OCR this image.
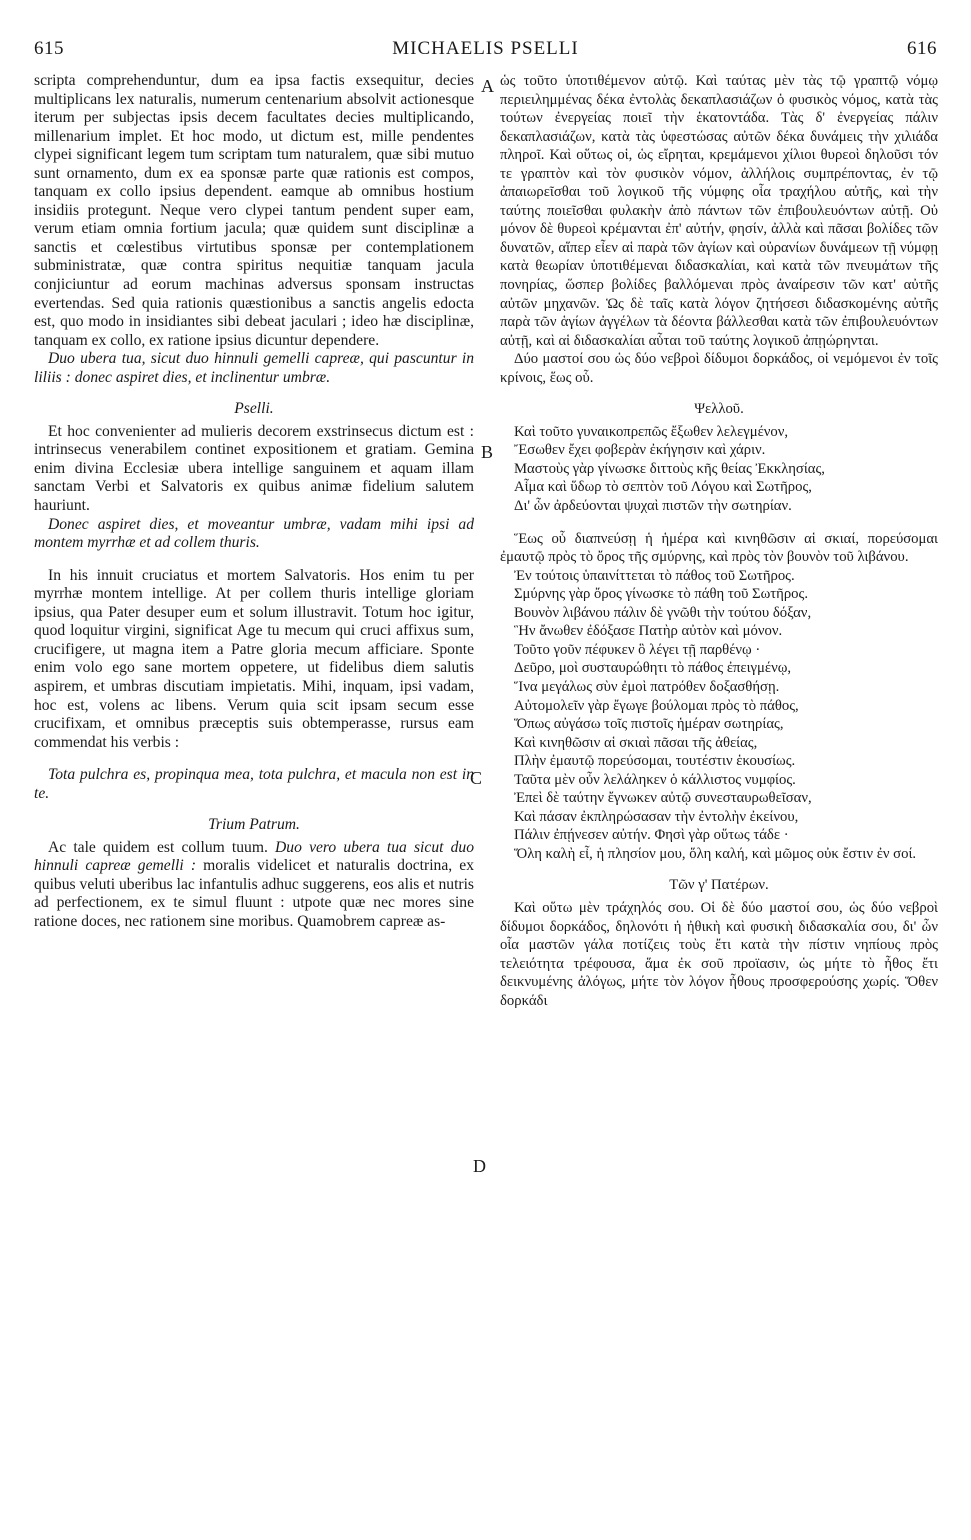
615	MICHAELIS PSELLI	616
A
B
C
D

scripta comprehenduntur, dum ea ipsa factis exsequitur, decies multiplicans lex naturalis, numerum centenarium absolvit actionesque iterum per subjectas ipsis decem facultates decies multiplicando, millenarium implet. Et hoc modo, ut dictum est, mille pendentes clypei significant legem tum scriptam tum naturalem, quæ sibi mutuo sunt ornamento, dum ex ea sponsæ parte quæ rationis est compos, tanquam ex collo ipsius dependent. eamque ab omnibus hostium insidiis protegunt. Neque vero clypei tantum pendent super eam, verum etiam omnia fortium jacula; quæ quidem sunt disciplinæ a sanctis et cœlestibus virtutibus sponsæ per contemplationem subministratæ, quæ contra spiritus nequitiæ tanquam jacula conjiciuntur ad eorum machinas adversus sponsam instructas evertendas. Sed quia rationis quæstionibus a sanctis angelis edocta est, quo modo in insidiantes sibi debeat jaculari ; ideo hæ disciplinæ, tanquam ex collo, ex ratione ipsius dicuntur dependere.

Duo ubera tua, sicut duo hinnuli gemelli capreæ, qui pascuntur in liliis : donec aspiret dies, et inclinentur umbræ.

Pselli.

Et hoc convenienter ad mulieris decorem exstrinsecus dictum est : intrinsecus venerabilem continet expositionem et gratiam. Gemina enim divina Ecclesiæ ubera intellige sanguinem et aquam illam sanctam Verbi et Salvatoris ex quibus animæ fidelium salutem hauriunt.

Donec aspiret dies, et moveantur umbræ, vadam mihi ipsi ad montem myrrhæ et ad collem thuris.

In his innuit cruciatus et mortem Salvatoris. Hos enim tu per myrrhæ montem intellige. At per collem thuris intellige gloriam ipsius, qua Pater desuper eum et solum illustravit. Totum hoc igitur, quod loquitur virgini, significat Age tu mecum qui cruci affixus sum, crucifigere, ut magna item a Patre gloria mecum afficiare. Sponte enim volo ego sane mortem oppetere, ut fidelibus diem salutis aspirem, et umbras discutiam impietatis. Mihi, inquam, ipsi vadam, hoc est, volens ac libens. Verum quia scit ipsam secum esse crucifixam, et omnibus præceptis suis obtemperasse, rursus eam commendat his verbis :

Tota pulchra es, propinqua mea, tota pulchra, et macula non est in te.

Trium Patrum.

Ac tale quidem est collum tuum. Duo vero ubera tua sicut duo hinnuli capreæ gemelli : moralis videlicet et naturalis doctrina, ex quibus veluti uberibus lac infantulis adhuc suggerens, eos alis et nutris ad perfectionem, ex te simul fluunt : utpote quæ nec mores sine ratione doces, nec rationem sine moribus. Quamobrem capreæ as-

ὡς τοῦτο ὑποτιθέμενον αὐτῷ. Καὶ ταύτας μὲν τὰς τῷ γραπτῷ νόμῳ περιειλημμένας δέκα ἐντολὰς δεκαπλασιάζων ὁ φυσικὸς νόμος, κατὰ τὰς τούτων ἐνεργείας ποιεῖ τὴν ἑκατοντάδα. Τὰς δ' ἐνεργείας πάλιν δεκαπλασιάζων, κατὰ τὰς ὑφεστώσας αὐτῶν δέκα δυνάμεις τὴν χιλιάδα πληροῖ. Καὶ οὕτως οἱ, ὡς εἴρηται, κρεμάμενοι χίλιοι θυρεοὶ δηλοῦσι τόν τε γραπτὸν καὶ τὸν φυσικὸν νόμον, ἀλλήλοις συμπρέποντας, ἐν τῷ ἀπαιωρεῖσθαι τοῦ λογικοῦ τῆς νύμφης οἷα τραχήλου αὐτῆς, καὶ τὴν ταύτης ποιεῖσθαι φυλακὴν ἀπὸ πάντων τῶν ἐπιβουλευόντων αὐτῇ. Οὐ μόνον δὲ θυρεοὶ κρέμανται ἐπ' αὐτήν, φησίν, ἀλλὰ καὶ πᾶσαι βολίδες τῶν δυνατῶν, αἵπερ εἶεν αἱ παρὰ τῶν ἁγίων καὶ οὐρανίων δυνάμεων τῇ νύμφῃ κατὰ θεωρίαν ὑποτιθέμεναι διδασκαλίαι, καὶ κατὰ τῶν πνευμάτων τῆς πονηρίας, ὥσπερ βολίδες βαλλόμεναι πρὸς ἀναίρεσιν τῶν κατ' αὐτῆς αὐτῶν μηχανῶν. Ὡς δὲ ταῖς κατὰ λόγον ζητήσεσι διδασκομένης αὐτῆς παρὰ τῶν ἁγίων ἀγγέλων τὰ δέοντα βάλλεσθαι κατὰ τῶν ἐπιβουλευόντων αὐτῇ, καὶ αἱ διδασκαλίαι αὗται τοῦ ταύτης λογικοῦ ἀπῃώρηνται.

Δύο μαστοί σου ὡς δύο νεβροὶ δίδυμοι δορκάδος, οἱ νεμόμενοι ἐν τοῖς κρίνοις, ἕως οὗ.

Ψελλοῦ.

Καὶ τοῦτο γυναικοπρεπῶς ἔξωθεν λελεγμένον,

Ἔσωθεν ἔχει φοβερὰν ἐκήγησιν καὶ χάριν.

Μαστοὺς γὰρ γίνωσκε διττοὺς κῆς θείας Ἐκκλησίας,

Αἷμα καὶ ὕδωρ τὸ σεπτὸν τοῦ Λόγου καὶ Σωτῆρος,

Δι' ὧν ἀρδεύονται ψυχαὶ πιστῶν τὴν σωτηρίαν.

Ἕως οὗ διαπνεύσῃ ἡ ἡμέρα καὶ κινηθῶσιν αἱ σκιαί, πορεύσομαι ἐμαυτῷ πρὸς τὸ ὄρος τῆς σμύρνης, καὶ πρὸς τὸν βουνὸν τοῦ λιβάνου.

Ἐν τούτοις ὑπαινίττεται τὸ πάθος τοῦ Σωτῆρος.

Σμύρνης γὰρ ὄρος γίνωσκε τὸ πάθη τοῦ Σωτῆρος.

Βουνὸν λιβάνου πάλιν δὲ γνῶθι τὴν τούτου δόξαν,

Ἣν ἄνωθεν ἐδόξασε Πατὴρ αὐτὸν καὶ μόνον.

Τοῦτο γοῦν πέφυκεν ὃ λέγει τῇ παρθένῳ ·

Δεῦρο, μοὶ συσταυρώθητι τὸ πάθος ἐπειγμένῳ,

Ἵνα μεγάλως σὺν ἐμοὶ πατρόθεν δοξασθήσῃ.

Αὐτομολεῖν γὰρ ἔγωγε βούλομαι πρὸς τὸ πάθος,

Ὅπως αὐγάσω τοῖς πιστοῖς ἡμέραν σωτηρίας,

Καὶ κινηθῶσιν αἱ σκιαὶ πᾶσαι τῆς ἀθείας,

Πλὴν ἐμαυτῷ πορεύσομαι, τουτέστιν ἑκουσίως.

Ταῦτα μὲν οὖν λελάληκεν ὁ κάλλιστος νυμφίος.

Ἐπεὶ δὲ ταύτην ἔγνωκεν αὐτῷ συνεσταυρωθεῖσαν,

Καὶ πάσαν ἐκπληρώσασαν τὴν ἐντολὴν ἐκείνου,

Πάλιν ἐπῄνεσεν αὐτήν. Φησὶ γὰρ οὕτως τάδε ·

Ὅλη καλὴ εἶ, ἡ πλησίον μου, ὅλη καλή, καὶ μῶμος οὐκ ἔστιν ἐν σοί.

Τῶν γ' Πατέρων.

Καὶ οὕτω μὲν τράχηλός σου. Οἱ δὲ δύο μαστοί σου, ὡς δύο νεβροὶ δίδυμοι δορκάδος, δηλονότι ἡ ἠθικὴ καὶ φυσικὴ διδασκαλία σου, δι' ὧν οἷα μαστῶν γάλα ποτίζεις τοὺς ἔτι κατὰ τὴν πίστιν νηπίους πρὸς τελειότητα τρέφουσα, ἅμα ἐκ σοῦ προϊασιν, ὡς μήτε τὸ ἦθος ἔτι δεικνυμένης ἀλόγως, μήτε τὸν λόγον ἦθους προσφερούσης χωρίς. Ὅθεν δορκάδι
